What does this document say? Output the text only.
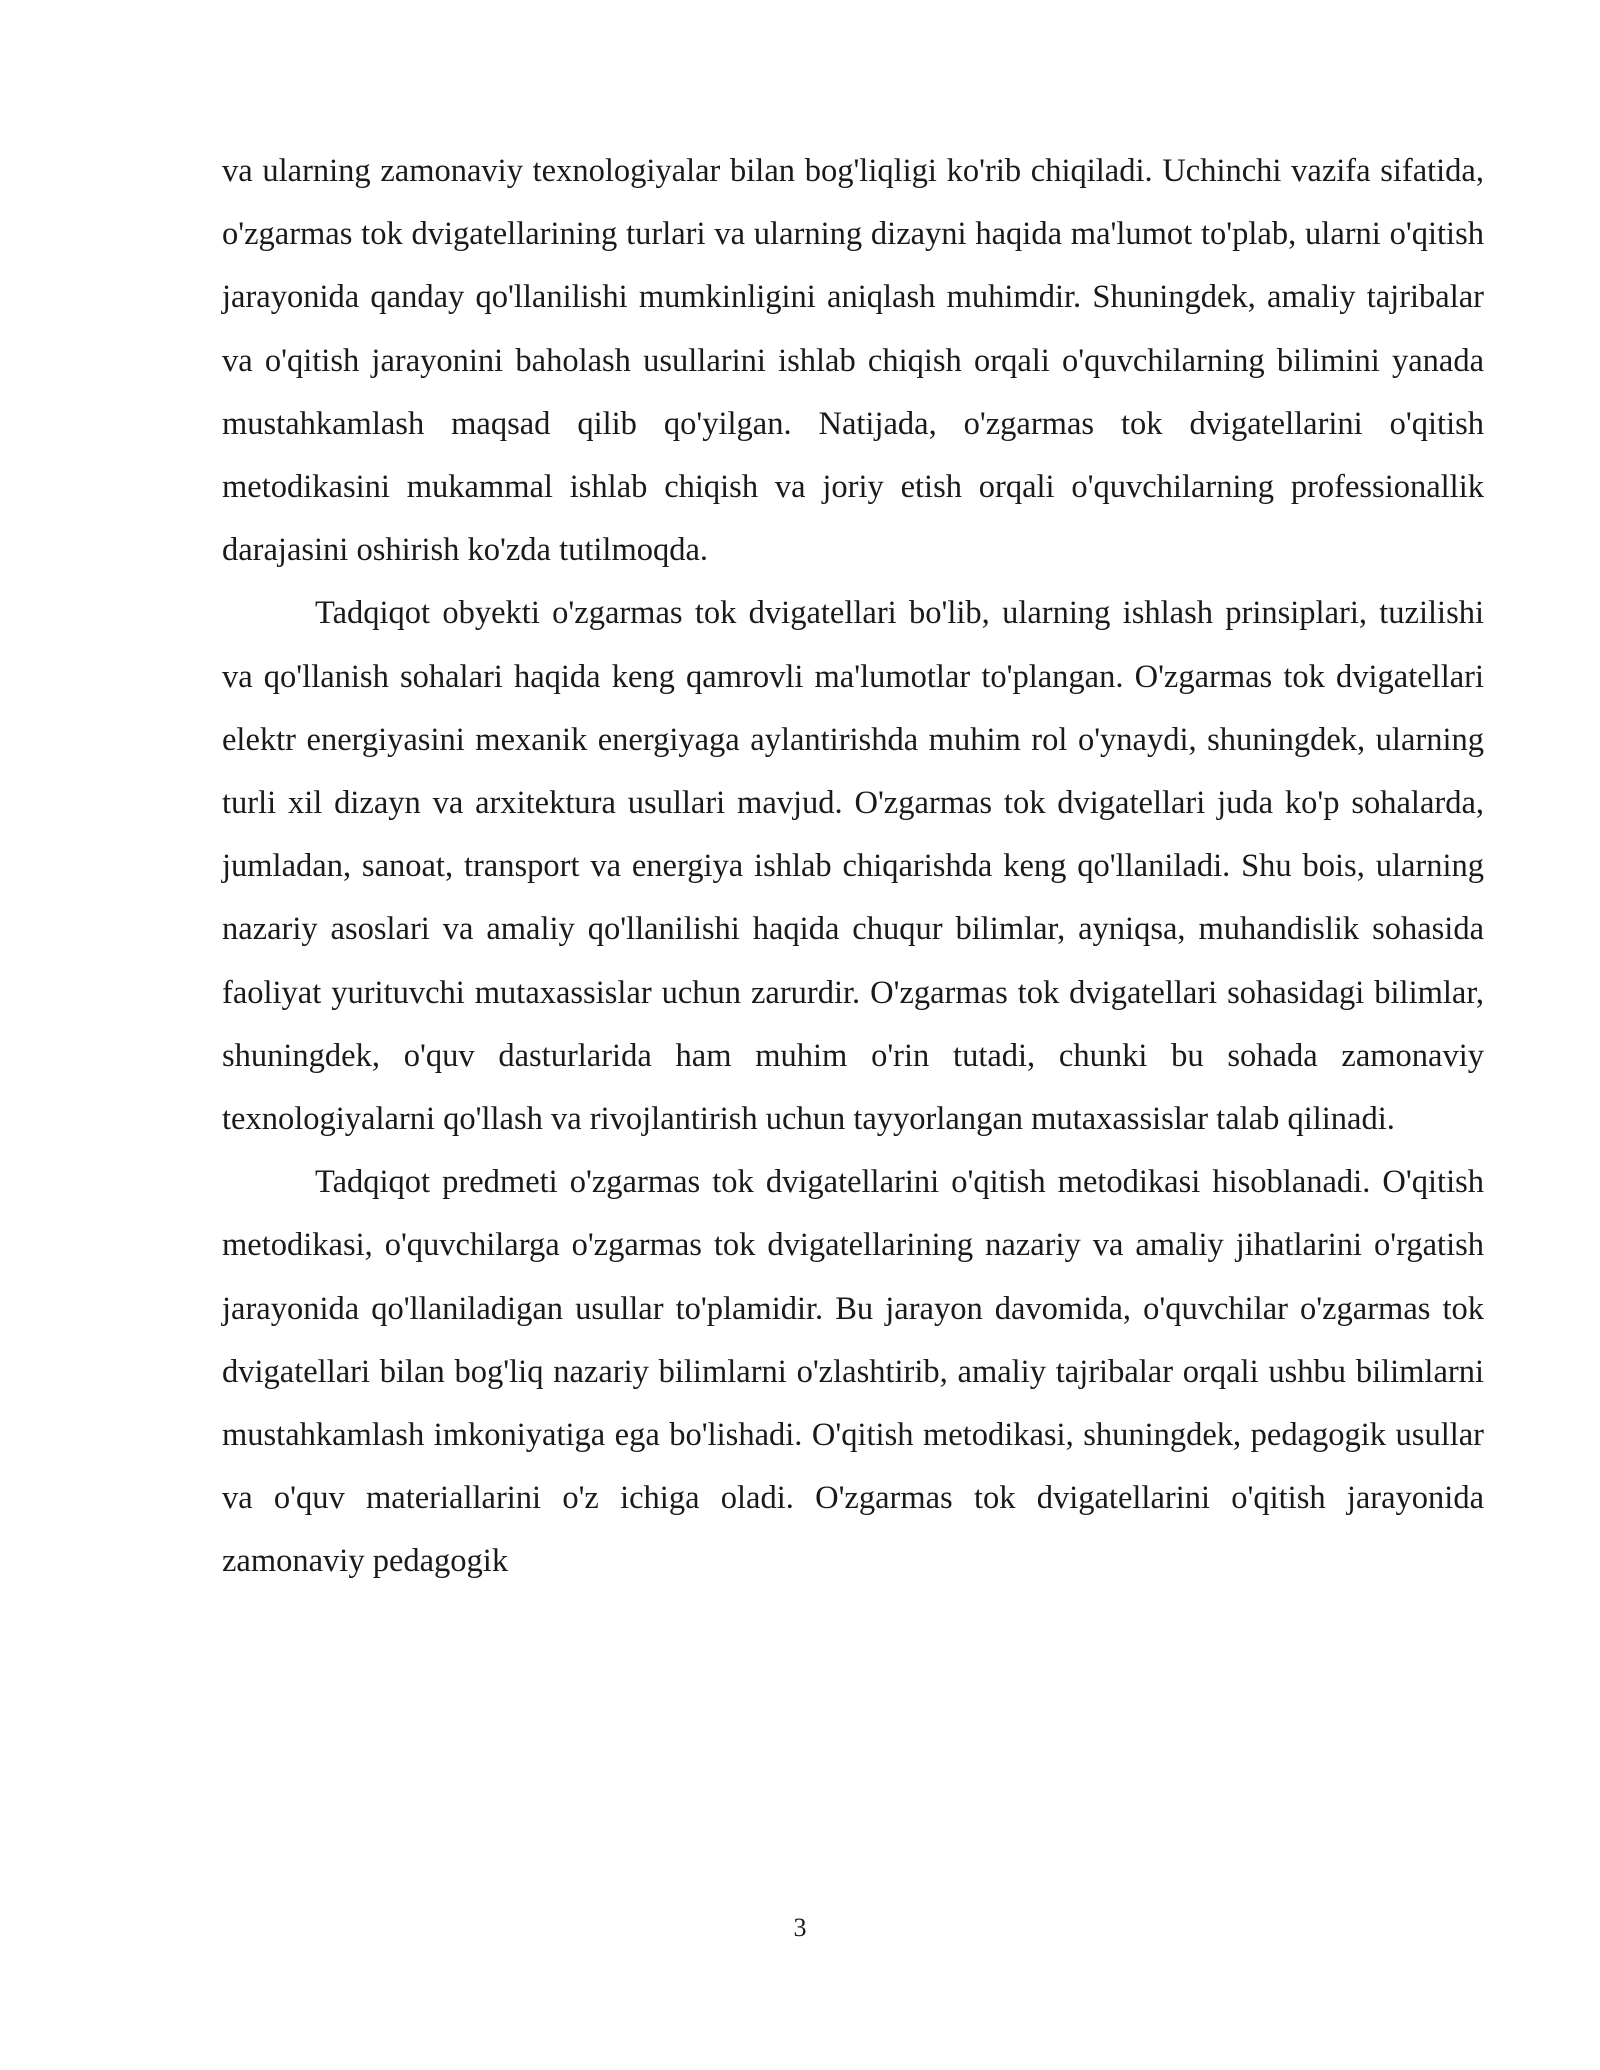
va ularning zamonaviy texnologiyalar bilan bog'liqligi ko'rib chiqiladi. Uchinchi vazifa sifatida, o'zgarmas tok dvigatellarining turlari va ularning dizayni haqida ma'lumot to'plab, ularni o'qitish jarayonida qanday qo'llanilishi mumkinligini aniqlash muhimdir. Shuningdek, amaliy tajribalar va o'qitish jarayonini baholash usullarini ishlab chiqish orqali o'quvchilarning bilimini yanada mustahkamlash maqsad qilib qo'yilgan. Natijada, o'zgarmas tok dvigatellarini o'qitish metodikasini mukammal ishlab chiqish va joriy etish orqali o'quvchilarning professionallik darajasini oshirish ko'zda tutilmoqda.

Tadqiqot obyekti o'zgarmas tok dvigatellari bo'lib, ularning ishlash prinsiplari, tuzilishi va qo'llanish sohalari haqida keng qamrovli ma'lumotlar to'plangan. O'zgarmas tok dvigatellari elektr energiyasini mexanik energiyaga aylantirishda muhim rol o'ynaydi, shuningdek, ularning turli xil dizayn va arxitektura usullari mavjud. O'zgarmas tok dvigatellari juda ko'p sohalarda, jumladan, sanoat, transport va energiya ishlab chiqarishda keng qo'llaniladi. Shu bois, ularning nazariy asoslari va amaliy qo'llanilishi haqida chuqur bilimlar, ayniqsa, muhandislik sohasida faoliyat yurituvchi mutaxassislar uchun zarurdir. O'zgarmas tok dvigatellari sohasidagi bilimlar, shuningdek, o'quv dasturlarida ham muhim o'rin tutadi, chunki bu sohada zamonaviy texnologiyalarni qo'llash va rivojlantirish uchun tayyorlangan mutaxassislar talab qilinadi.

Tadqiqot predmeti o'zgarmas tok dvigatellarini o'qitish metodikasi hisoblanadi. O'qitish metodikasi, o'quvchilarga o'zgarmas tok dvigatellarining nazariy va amaliy jihatlarini o'rgatish jarayonida qo'llaniladigan usullar to'plamidir. Bu jarayon davomida, o'quvchilar o'zgarmas tok dvigatellari bilan bog'liq nazariy bilimlarni o'zlashtirib, amaliy tajribalar orqali ushbu bilimlarni mustahkamlash imkoniyatiga ega bo'lishadi. O'qitish metodikasi, shuningdek, pedagogik usullar va o'quv materiallarini o'z ichiga oladi. O'zgarmas tok dvigatellarini o'qitish jarayonida zamonaviy pedagogik

3
